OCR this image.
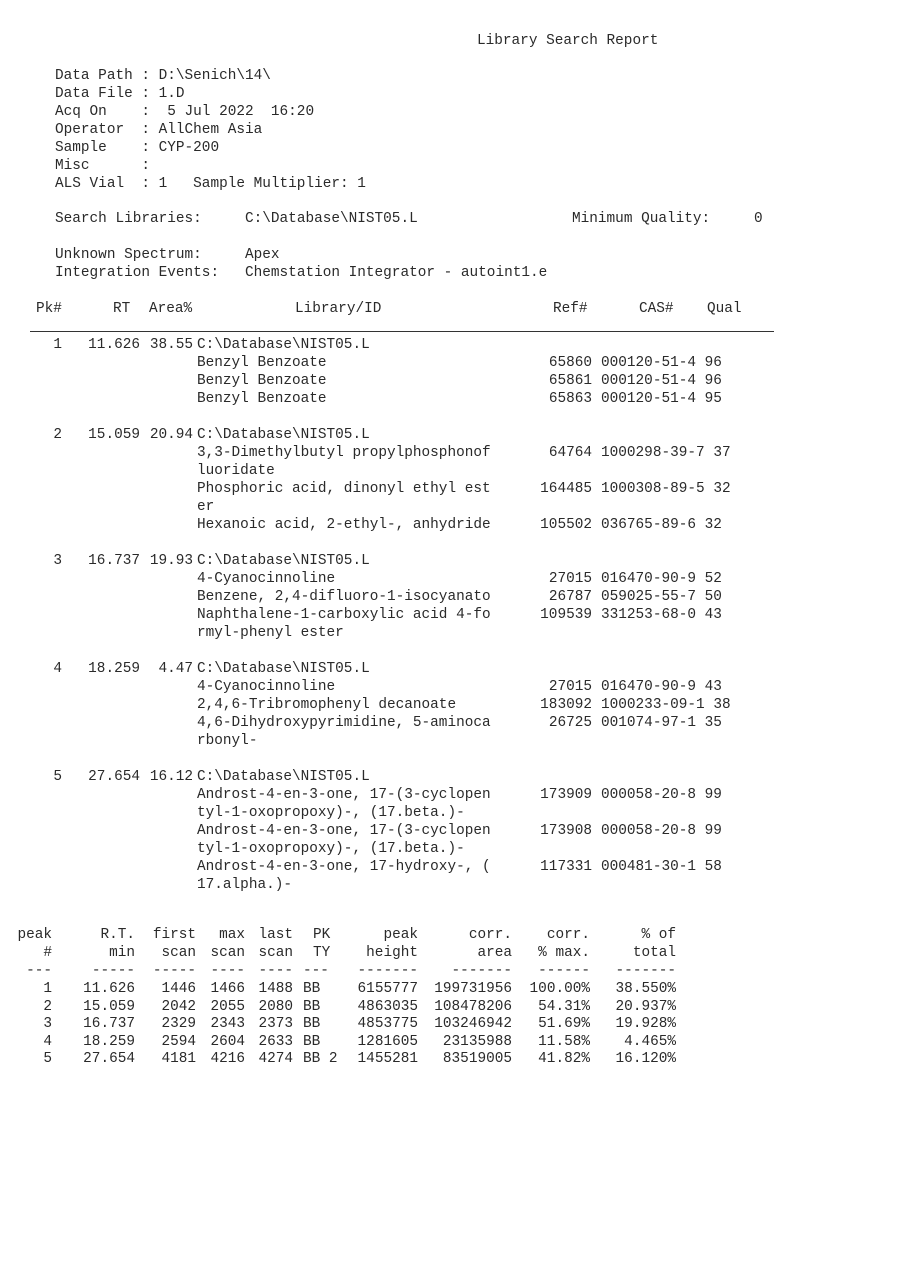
Library Search Report
Data Path : D:\Senich\14\
Data File : 1.D
Acq On    :  5 Jul 2022  16:20
Operator  : AllChem Asia
Sample    : CYP-200
Misc      :
ALS Vial  : 1   Sample Multiplier: 1
Search Libraries:	C:\Database\NIST05.L	Minimum Quality:	0
Unknown Spectrum:	Apex
Integration Events: Chemstation Integrator - autoint1.e
Pk#	RT Area%	Library/ID	Ref#	CAS# Qual
1 11.626 38.55 C:\Database\NIST05.L
Benzyl Benzoate	65860 000120-51-4 96
Benzyl Benzoate	65861 000120-51-4 96
Benzyl Benzoate	65863 000120-51-4 95
2 15.059 20.94 C:\Database\NIST05.L
3,3-Dimethylbutyl propylphosphonof	64764 1000298-39-7 37
luoridate
Phosphoric acid, dinonyl ethyl est	164485 1000308-89-5 32
er
Hexanoic acid, 2-ethyl-, anhydride	105502 036765-89-6 32
3 16.737 19.93 C:\Database\NIST05.L
4-Cyanocinnoline	27015 016470-90-9 52
Benzene, 2,4-difluoro-1-isocyanato	26787 059025-55-7 50
Naphthalene-1-carboxylic acid 4-fo	109539 331253-68-0 43
rmyl-phenyl ester
4 18.259 4.47 C:\Database\NIST05.L
4-Cyanocinnoline	27015 016470-90-9 43
2,4,6-Tribromophenyl decanoate	183092 1000233-09-1 38
4,6-Dihydroxypyrimidine, 5-aminoca	26725 001074-97-1 35
rbonyl-
5 27.654 16.12 C:\Database\NIST05.L
Androst-4-en-3-one, 17-(3-cyclopen	173909 000058-20-8 99
tyl-1-oxopropoxy)-, (17.beta.)-
Androst-4-en-3-one, 17-(3-cyclopen	173908 000058-20-8 99
tyl-1-oxopropoxy)-, (17.beta.)-
Androst-4-en-3-one, 17-hydroxy-, (	117331 000481-30-1 58
17.alpha.)-
peak	R.T. first max last PK	peak	corr. corr.	% of
#	min scan scan scan TY height	area % max.	total
---	----- ----- ---- ---- --- ------- ------- ------ -------
1 11.626 1446 1466 1488 BB	6155777 199731956 100.00% 38.550%
2 15.059 2042 2055 2080 BB	4863035 108478206 54.31% 20.937%
3 16.737 2329 2343 2373 BB	4853775 103246942 51.69% 19.928%
4 18.259 2594 2604 2633 BB	1281605 23135988 11.58% 4.465%
5 27.654 4181 4216 4274 BB 2 1455281 83519005 41.82% 16.120%
